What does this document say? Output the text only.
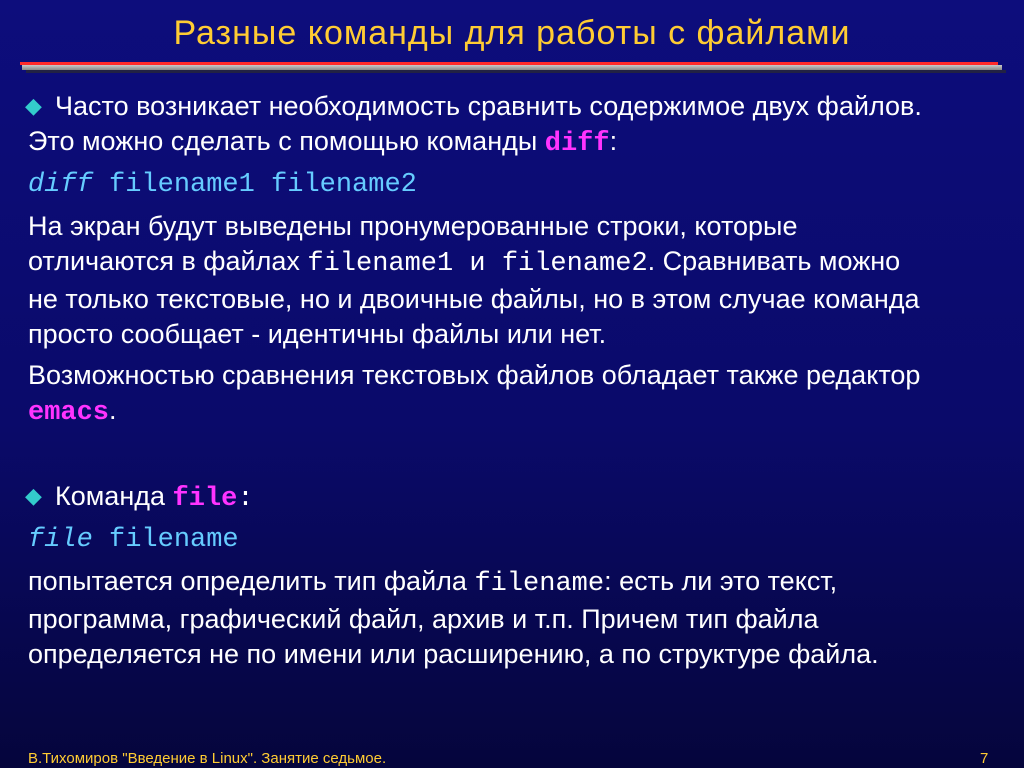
Разные команды для работы с файлами

◆ Часто возникает необходимость сравнить содержимое двух файлов.

Это можно сделать с помощью команды diff:

diff filename1 filename2

На экран будут выведены пронумерованные строки, которые

отличаются в файлах filename1 и filename2. Сравнивать можно

не только текстовые, но и двоичные файлы, но в этом случае команда

просто сообщает - идентичны файлы или нет.

Возможностью сравнения текстовых файлов обладает также редактор

emacs.

◆ Команда file:

file filename

попытается определить тип файла filename: есть ли это текст,

программа, графический файл, архив и т.п. Причем тип файла

определяется не по имени или расширению, а по структуре файла.

В.Тихомиров "Введение в Linux". Занятие седьмое.	7
